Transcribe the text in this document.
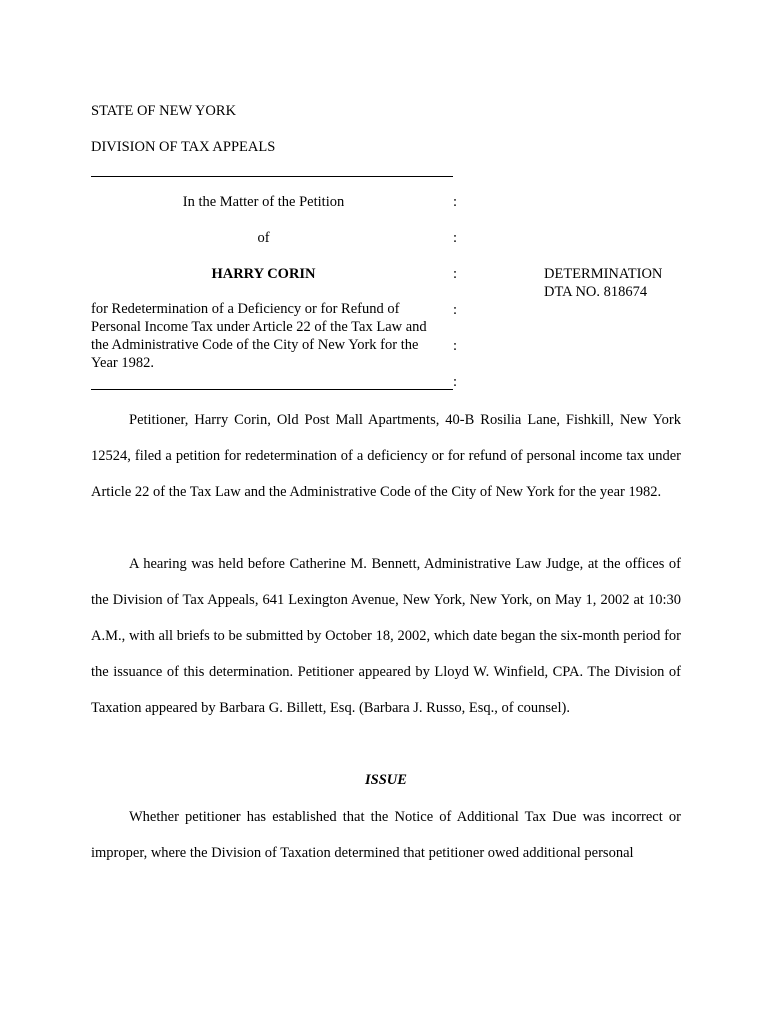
STATE OF NEW YORK
DIVISION OF TAX APPEALS
In the Matter of the Petition
of
HARRY CORIN
for Redetermination of a Deficiency or for Refund of Personal Income Tax under Article 22 of the Tax Law and the Administrative Code of the City of New York for the Year 1982.
:
:
:
:
:
:
DETERMINATION
DTA NO. 818674
Petitioner, Harry Corin, Old Post Mall Apartments, 40-B Rosilia Lane, Fishkill, New York 12524, filed a petition for redetermination of a deficiency or for refund of personal income tax under Article 22 of the Tax Law and the Administrative Code of the City of New York for the year 1982.
A hearing was held before Catherine M. Bennett, Administrative Law Judge, at the offices of the Division of Tax Appeals, 641 Lexington Avenue, New York, New York, on May 1, 2002 at 10:30 A.M., with all briefs to be submitted by October 18, 2002, which date began the six-month period for the issuance of this determination. Petitioner appeared by Lloyd W. Winfield, CPA. The Division of Taxation appeared by Barbara G. Billett, Esq. (Barbara J. Russo, Esq., of counsel).
ISSUE
Whether petitioner has established that the Notice of Additional Tax Due was incorrect or improper, where the Division of Taxation determined that petitioner owed additional personal
